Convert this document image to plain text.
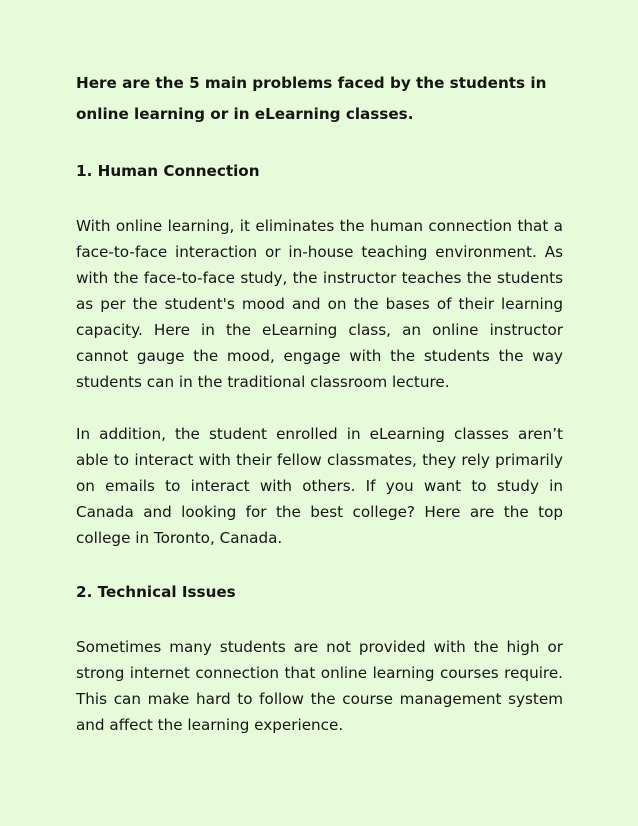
Here are the 5 main problems faced by the students in online learning or in eLearning classes.

1. Human Connection

With online learning, it eliminates the human connection that a face-to-face interaction or in-house teaching environment. As with the face-to-face study, the instructor teaches the students as per the student's mood and on the bases of their learning capacity. Here in the eLearning class, an online instructor cannot gauge the mood, engage with the students the way students can in the traditional classroom lecture.

In addition, the student enrolled in eLearning classes aren’t able to interact with their fellow classmates, they rely primarily on emails to interact with others. If you want to study in Canada and looking for the best college? Here are the top college in Toronto, Canada.

2. Technical Issues

Sometimes many students are not provided with the high or strong internet connection that online learning courses require. This can make hard to follow the course management system and affect the learning experience.
